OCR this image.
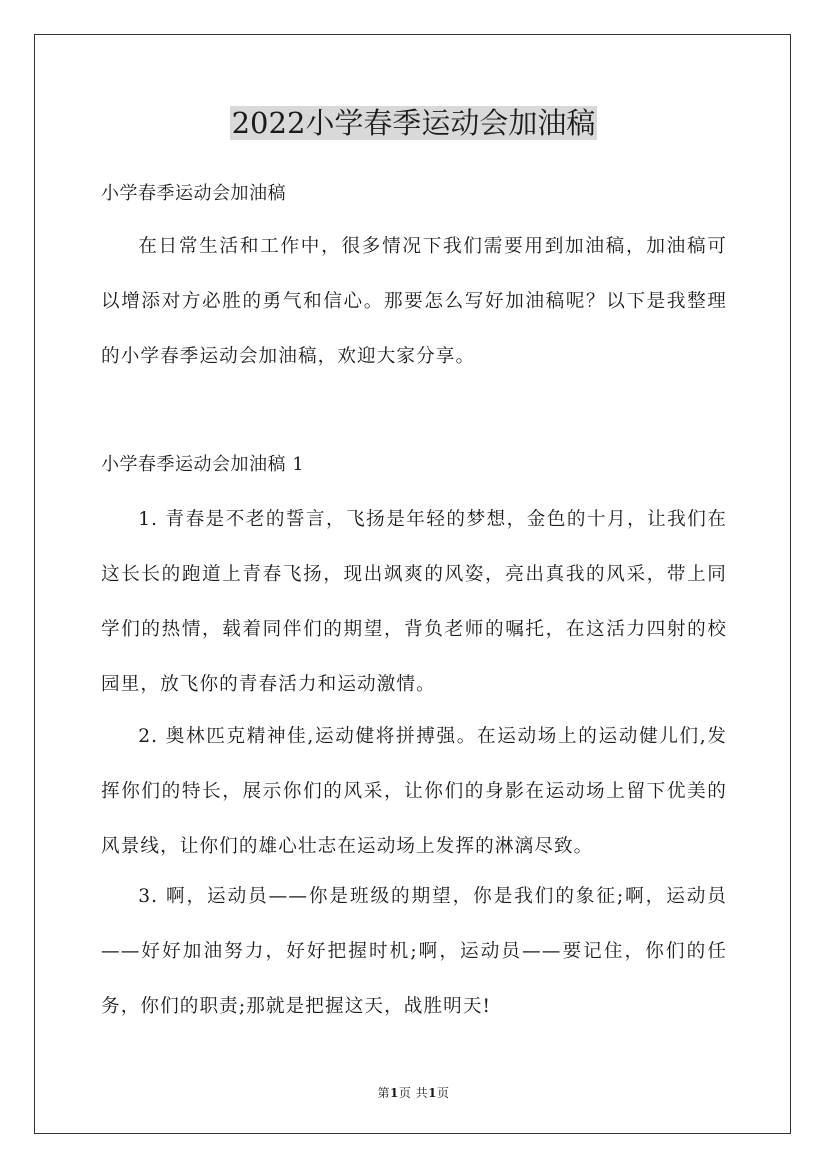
2022小学春季运动会加油稿
小学春季运动会加油稿

在日常生活和工作中，很多情况下我们需要用到加油稿，加油稿可以增添对方必胜的勇气和信心。那要怎么写好加油稿呢？以下是我整理的小学春季运动会加油稿，欢迎大家分享。

小学春季运动会加油稿 1

1. 青春是不老的誓言，飞扬是年轻的梦想，金色的十月，让我们在这长长的跑道上青春飞扬，现出飒爽的风姿，亮出真我的风采，带上同学们的热情，载着同伴们的期望，背负老师的嘱托，在这活力四射的校园里，放飞你的青春活力和运动激情。

2. 奥林匹克精神佳,运动健将拼搏强。在运动场上的运动健儿们,发挥你们的特长，展示你们的风采，让你们的身影在运动场上留下优美的风景线，让你们的雄心壮志在运动场上发挥的淋漓尽致。

3. 啊，运动员——你是班级的期望，你是我们的象征;啊，运动员——好好加油努力，好好把握时机;啊，运动员——要记住，你们的任务，你们的职责;那就是把握这天，战胜明天!

第1页 共1页
